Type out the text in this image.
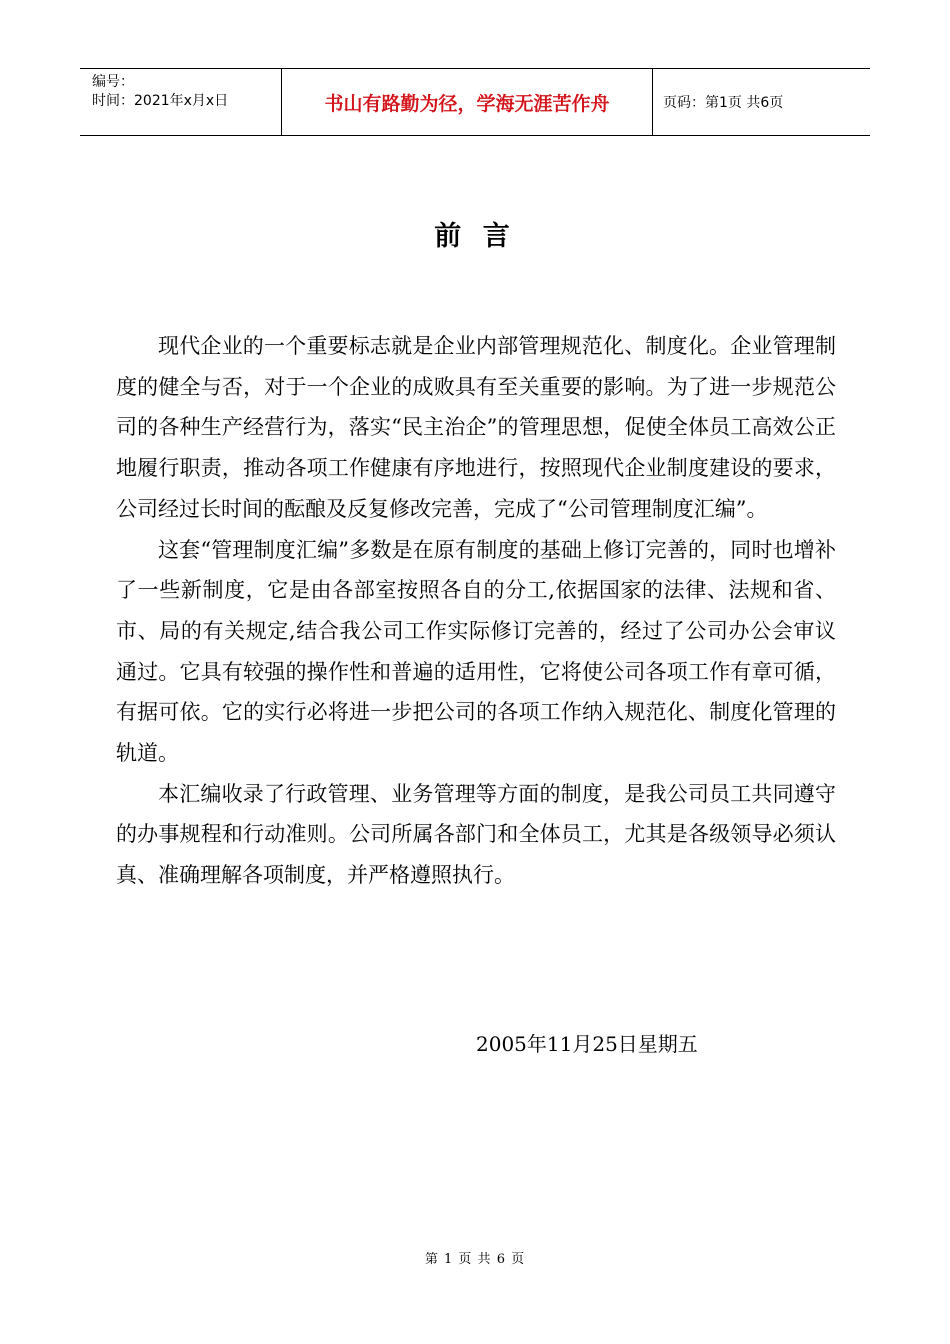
编号：
时间：2021年x月x日	书山有路勤为径，学海无涯苦作舟	页码：第1页 共6页
前 言

现代企业的一个重要标志就是企业内部管理规范化、制度化。企业管理制度的健全与否，对于一个企业的成败具有至关重要的影响。为了进一步规范公司的各种生产经营行为，落实“民主治企”的管理思想，促使全体员工高效公正地履行职责，推动各项工作健康有序地进行，按照现代企业制度建设的要求，公司经过长时间的酝酿及反复修改完善，完成了“公司管理制度汇编”。

这套“管理制度汇编”多数是在原有制度的基础上修订完善的，同时也增补了一些新制度，它是由各部室按照各自的分工,依据国家的法律、法规和省、市、局的有关规定,结合我公司工作实际修订完善的，经过了公司办公会审议通过。它具有较强的操作性和普遍的适用性，它将使公司各项工作有章可循，有据可依。它的实行必将进一步把公司的各项工作纳入规范化、制度化管理的轨道。

本汇编收录了行政管理、业务管理等方面的制度，是我公司员工共同遵守的办事规程和行动准则。公司所属各部门和全体员工，尤其是各级领导必须认真、准确理解各项制度，并严格遵照执行。

2005年11月25日星期五
第 1 页 共 6 页
